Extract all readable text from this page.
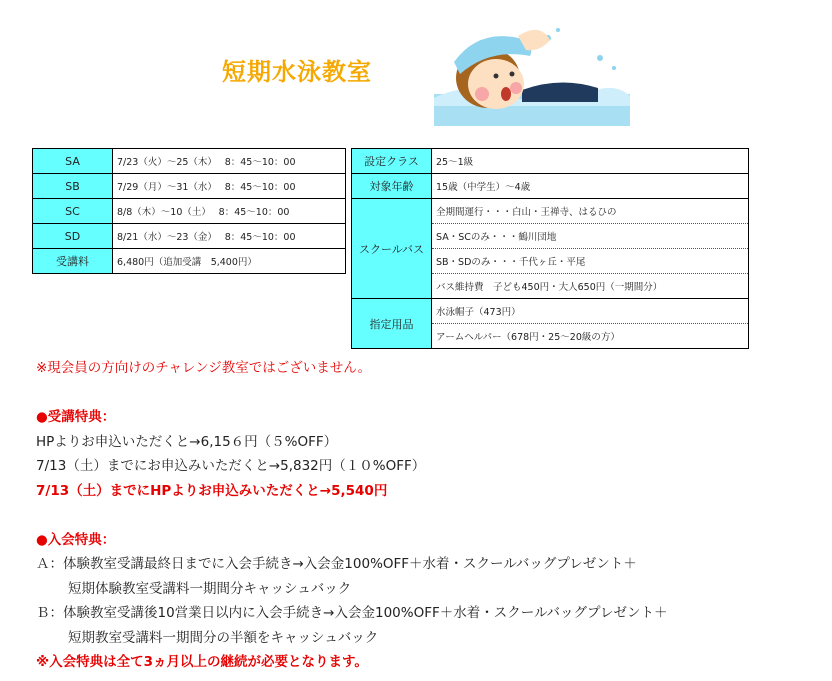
短期水泳教室
SA	7/23（火）～25（木）　 8：45～10：00
SB	7/29（月）～31（水）　 8：45～10：00
SC	8/8（木）～10（土）　 8：45～10：00
SD	8/21（水）～23（金）　 8：45～10：00
受講料	6,480円（追加受講　5,400円）
設定クラス	25～1級
対象年齢	15歳（中学生）～4歳
スクールバス	全期間運行・・・白山・王禅寺、はるひの
	SA・SCのみ・・・鶴川団地
	SB・SDのみ・・・千代ヶ丘・平尾
	バス維持費　子ども450円・大人650円（一期間分）
指定用品	水泳帽子（473円）
	アームヘルパー（678円・25～20級の方）

※現会員の方向けのチャレンジ教室ではございません。

●受講特典：

HPよりお申込いただくと→6,15６円（５%OFF）

7/13（土）までにお申込みいただくと→5,832円（１０%OFF）

7/13（土）までにHPよりお申込みいただくと→5,540円

●入会特典：

Ａ：体験教室受講最終日までに入会手続き→入会金100%OFF＋水着・スクールバッグプレゼント＋

短期体験教室受講料一期間分キャッシュバック

Ｂ：体験教室受講後10営業日以内に入会手続き→入会金100%OFF＋水着・スクールバッグプレゼント＋

短期教室受講料一期間分の半額をキャッシュバック

※入会特典は全て3ヵ月以上の継続が必要となります。
